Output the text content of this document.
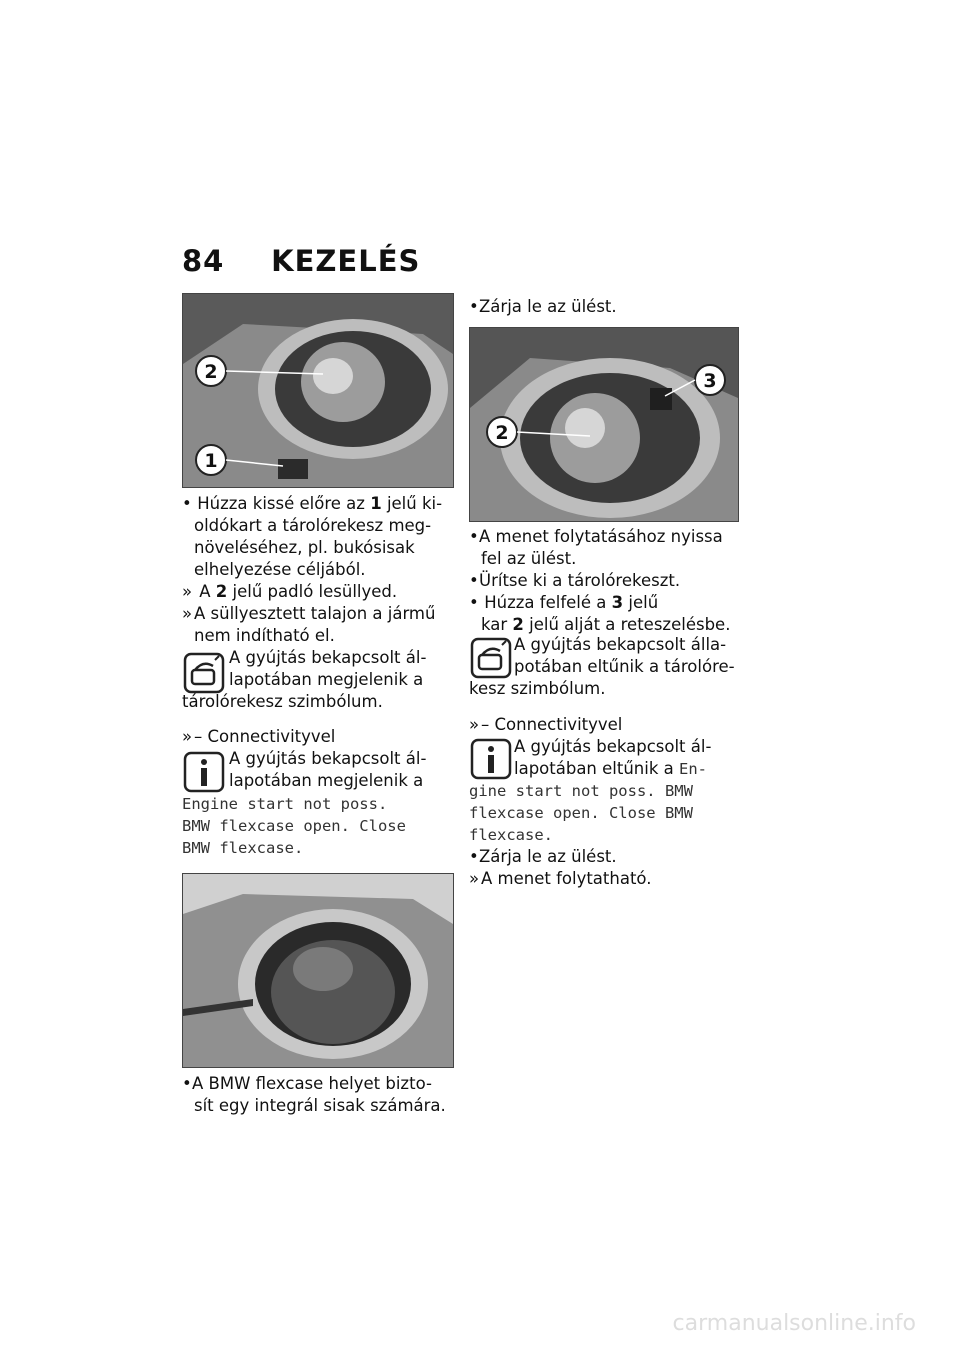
84 KEZELÉS
2
1
3
2
• Húzza kissé előre az 1 jelű ki-
oldókart a tárolórekesz meg-
növeléséhez, pl. bukósisak
elhelyezése céljából.
» A 2 jelű padló lesüllyed.
» A süllyesztett talajon a jármű
nem indítható el.
A gyújtás bekapcsolt ál-
lapotában megjelenik a
tárolórekesz szimbólum.
» – Connectivityvel
A gyújtás bekapcsolt ál-
lapotában megjelenik a
Engine start not poss.
BMW flexcase open. Close
BMW flexcase.
• A BMW flexcase helyet bizto-
sít egy integrál sisak számára.
• Zárja le az ülést.
• A menet folytatásához nyissa
fel az ülést.
• Ürítse ki a tárolórekeszt.
• Húzza felfelé a 3 jelű
kar 2 jelű alját a reteszelésbe.
A gyújtás bekapcsolt álla-
potában eltűnik a tárolóre-
kesz szimbólum.
» – Connectivityvel
A gyújtás bekapcsolt ál-
lapotában eltűnik a En-
gine start not poss. BMW
flexcase open. Close BMW
flexcase.
• Zárja le az ülést.
» A menet folytatható.
carmanualsonline.info
